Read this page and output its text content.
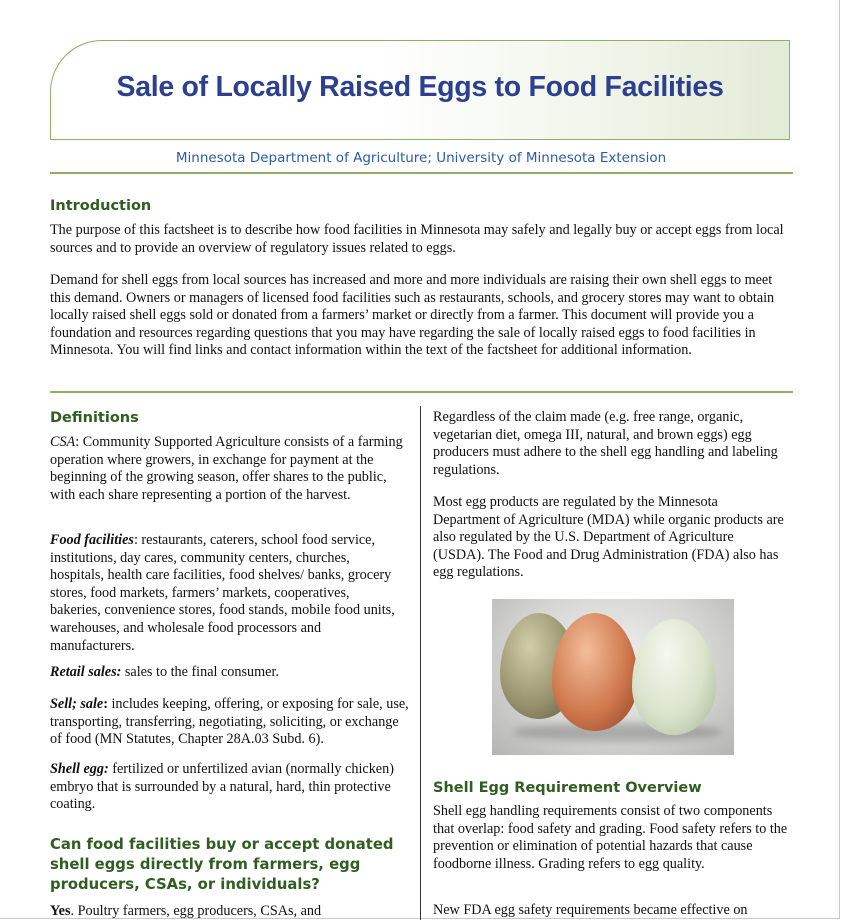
Sale of Locally Raised Eggs to Food Facilities
Minnesota Department of Agriculture; University of Minnesota Extension
Introduction

The purpose of this factsheet is to describe how food facilities in Minnesota may safely and legally buy or accept eggs from local sources and to provide an overview of regulatory issues related to eggs.

Demand for shell eggs from local sources has increased and more and more individuals are raising their own shell eggs to meet this demand. Owners or managers of licensed food facilities such as restaurants, schools, and grocery stores may want to obtain locally raised shell eggs sold or donated from a farmers’ market or directly from a farmer. This document will provide you a foundation and resources regarding questions that you may have regarding the sale of locally raised eggs to food facilities in Minnesota. You will find links and contact information within the text of the factsheet for additional information.

Definitions

CSA: Community Supported Agriculture consists of a farming operation where growers, in exchange for payment at the beginning of the growing season, offer shares to the public, with each share representing a portion of the harvest.

Food facilities: restaurants, caterers, school food service, institutions, day cares, community centers, churches, hospitals, health care facilities, food shelves/ banks, grocery stores, food markets, farmers’ markets, cooperatives, bakeries, convenience stores, food stands, mobile food units, warehouses, and wholesale food processors and manufacturers.

Retail sales: sales to the final consumer.

Sell; sale: includes keeping, offering, or exposing for sale, use, transporting, transferring, negotiating, soliciting, or exchange of food (MN Statutes, Chapter 28A.03 Subd. 6).

Shell egg: fertilized or unfertilized avian (normally chicken) embryo that is surrounded by a natural, hard, thin protective coating.

Can food facilities buy or accept donated shell eggs directly from farmers, egg producers, CSAs, or individuals?

Yes. Poultry farmers, egg producers, CSAs, and

Regardless of the claim made (e.g. free range, organic, vegetarian diet, omega III, natural, and brown eggs) egg producers must adhere to the shell egg handling and labeling regulations.

Most egg products are regulated by the Minnesota Department of Agriculture (MDA) while organic products are also regulated by the U.S. Department of Agriculture (USDA). The Food and Drug Administration (FDA) also has egg regulations.

Shell Egg Requirement Overview

Shell egg handling requirements consist of two components that overlap: food safety and grading. Food safety refers to the prevention or elimination of potential hazards that cause foodborne illness. Grading refers to egg quality.

New FDA egg safety requirements became effective on
